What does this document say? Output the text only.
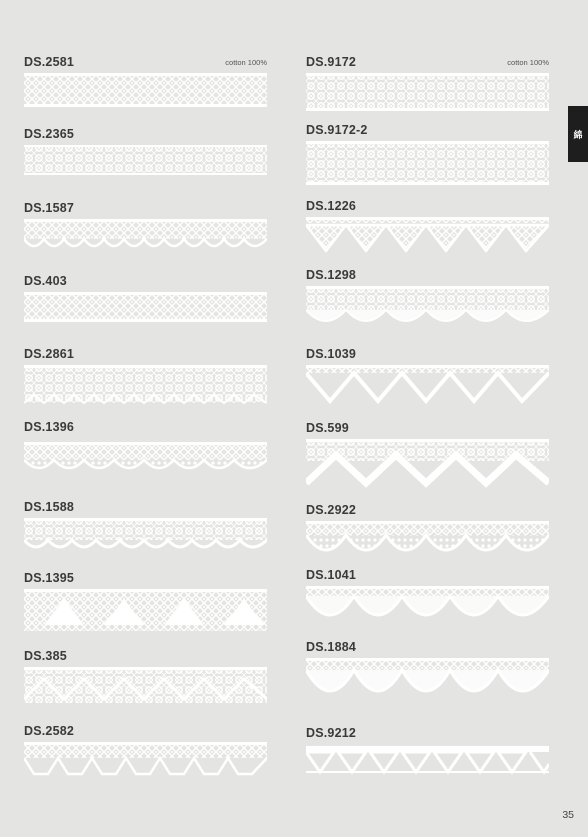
DS.2581	cotton 100%
DS.2365
DS.1587
DS.403
DS.2861
DS.1396
DS.1588
DS.1395
DS.385
DS.2582
DS.9172	cotton 100%
DS.9172-2
DS.1226
DS.1298
DS.1039
DS.599
DS.2922
DS.1041
DS.1884
DS.9212
綿
35
